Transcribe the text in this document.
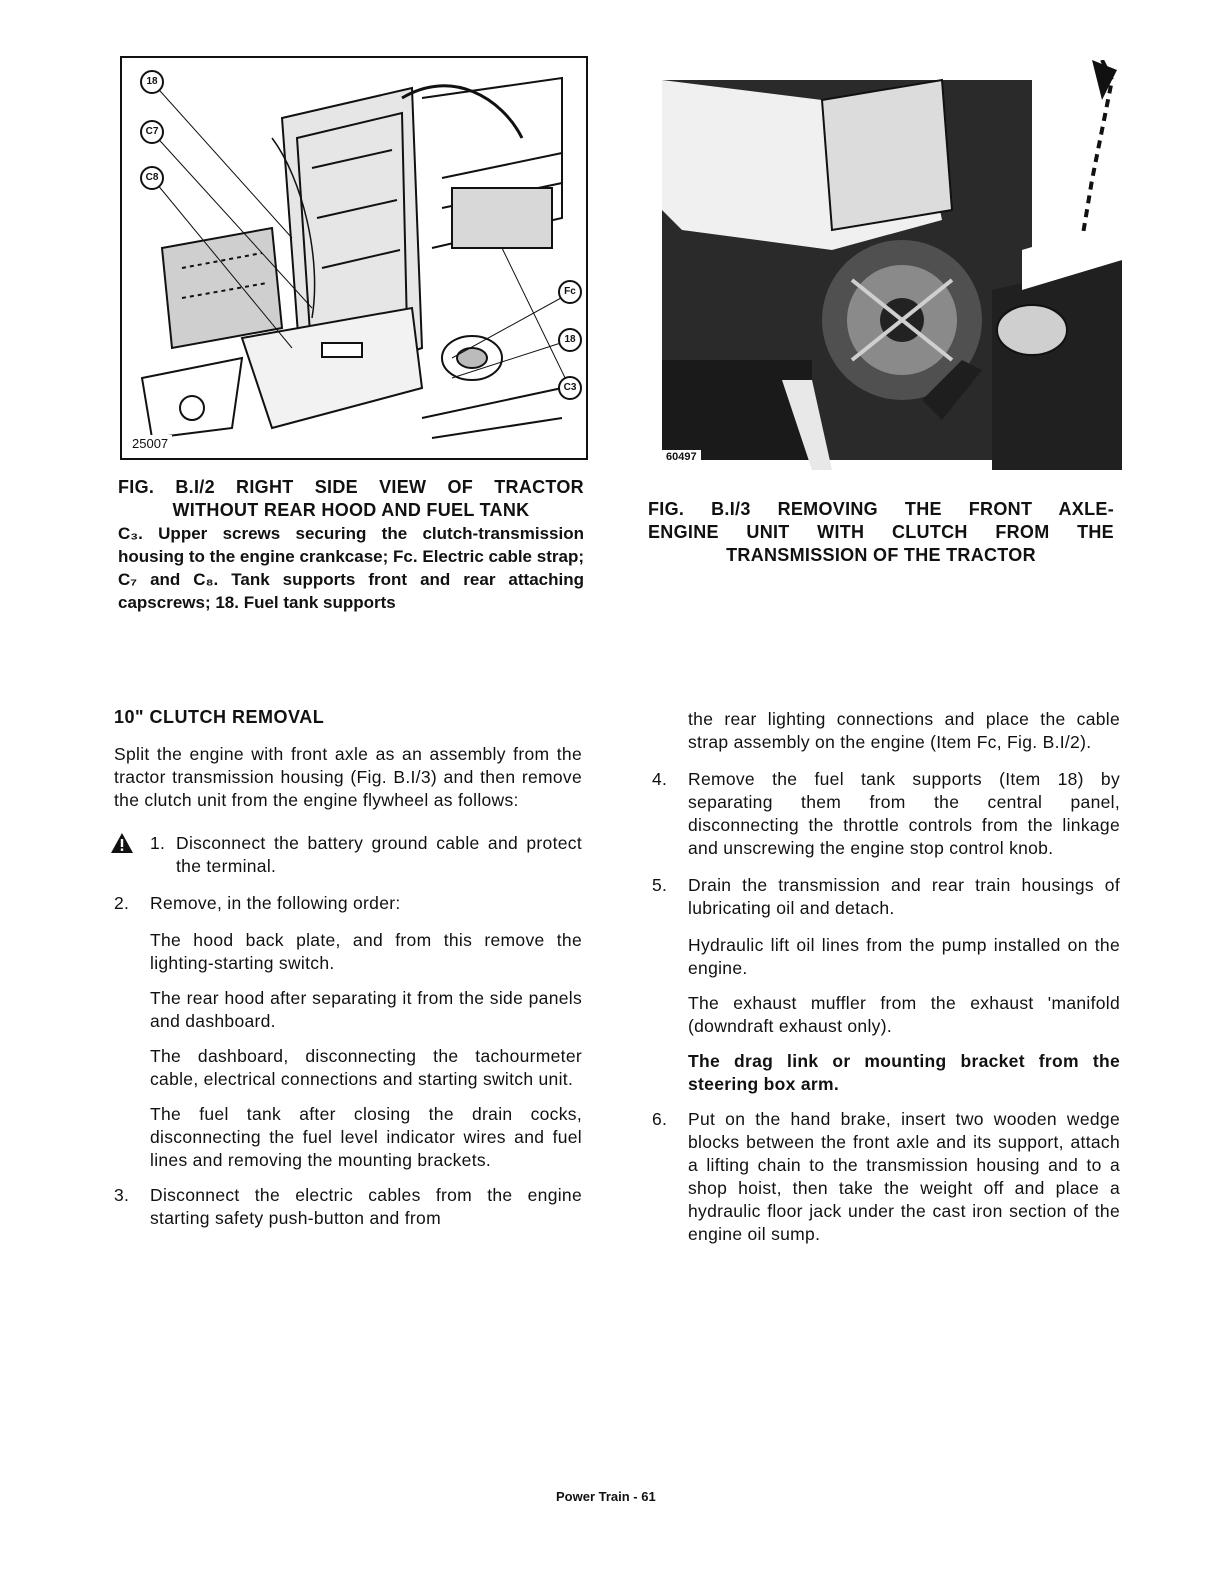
18
C7
C8
Fc
18
C3
25007
FIG. B.I/2 RIGHT SIDE VIEW OF TRACTOR
WITHOUT REAR HOOD AND FUEL TANK
C₃. Upper screws securing the clutch-transmission housing to the engine crankcase; Fc. Electric cable strap; C₇ and C₈. Tank supports front and rear attaching capscrews; 18. Fuel tank supports
60497
FIG. B.I/3 REMOVING THE FRONT AXLE-
ENGINE UNIT WITH CLUTCH FROM THE
TRANSMISSION OF THE TRACTOR
10" CLUTCH REMOVAL

Split the engine with front axle as an assembly from the tractor transmission housing (Fig. B.I/3) and then remove the clutch unit from the engine flywheel as follows:

1. Disconnect the battery ground cable and protect the terminal.
2. Remove, in the following order:

The hood back plate, and from this remove the lighting-starting switch.

The rear hood after separating it from the side panels and dashboard.

The dashboard, disconnecting the tachourmeter cable, electrical connections and starting switch unit.

The fuel tank after closing the drain cocks, disconnecting the fuel level indicator wires and fuel lines and removing the mounting brackets.

3. Disconnect the electric cables from the engine starting safety push-button and from

the rear lighting connections and place the cable strap assembly on the engine (Item Fc, Fig. B.I/2).

4. Remove the fuel tank supports (Item 18) by separating them from the central panel, disconnecting the throttle controls from the linkage and unscrewing the engine stop control knob.
5. Drain the transmission and rear train housings of lubricating oil and detach.

Hydraulic lift oil lines from the pump installed on the engine.

The exhaust muffler from the exhaust 'manifold (downdraft exhaust only).

The drag link or mounting bracket from the steering box arm.

6. Put on the hand brake, insert two wooden wedge blocks between the front axle and its support, attach a lifting chain to the transmission housing and to a shop hoist, then take the weight off and place a hydraulic floor jack under the cast iron section of the engine oil sump.
Power Train - 61
